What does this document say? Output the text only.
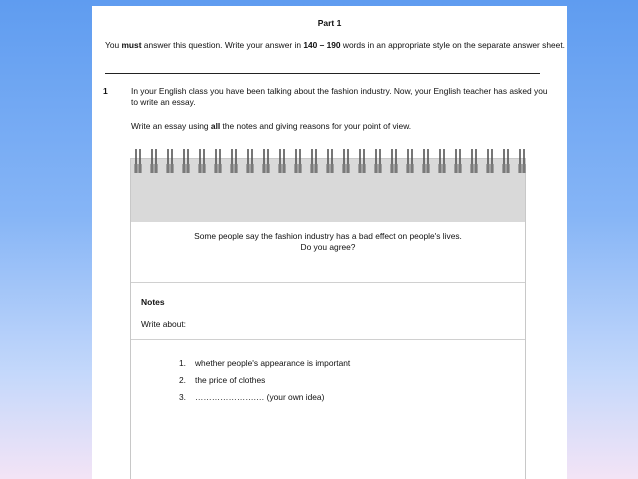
Part 1
You must answer this question. Write your answer in 140 – 190 words in an appropriate style on the separate answer sheet.
1	In your English class you have been talking about the fashion industry. Now, your English teacher has asked you to write an essay.
Write an essay using all the notes and giving reasons for your point of view.
Some people say the fashion industry has a bad effect on people's lives.
Do you agree?
Notes
Write about:
1. whether people's appearance is important
2. the price of clothes
3. ………………….… (your own idea)
